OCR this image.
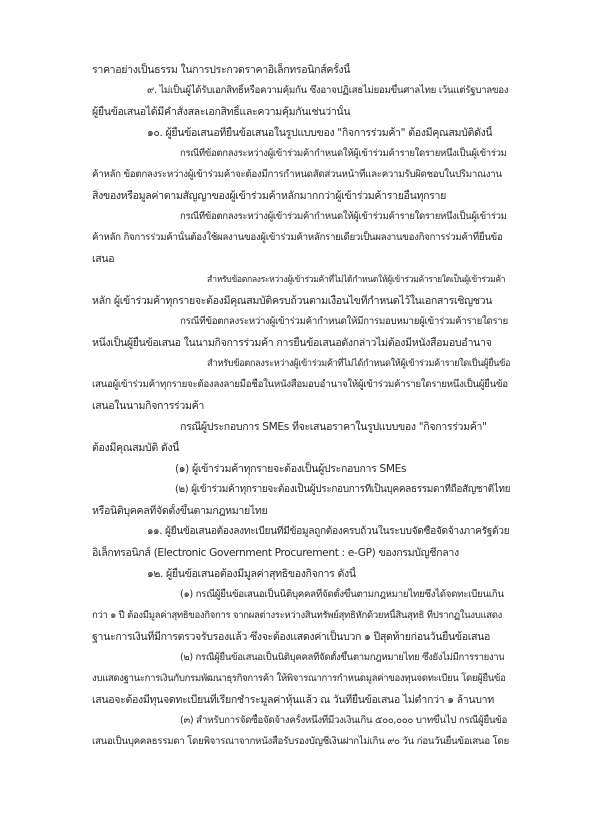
ราคาอย่างเป็นธรรม ในการประกวดราคาอิเล็กทรอนิกส์ครั้งนี้
๙. ไม่เป็นผู้ได้รับเอกสิทธิ์หรือความคุ้มกัน ซึ่งอาจปฏิเสธไม่ยอมขึ้นศาลไทย เว้นแต่รัฐบาลของ
ผู้ยื่นข้อเสนอได้มีคำสั่งสละเอกสิทธิ์และความคุ้มกันเช่นว่านั้น
๑๐. ผู้ยื่นข้อเสนอที่ยื่นข้อเสนอในรูปแบบของ "กิจการร่วมค้า" ต้องมีคุณสมบัติดังนี้
กรณีที่ข้อตกลงระหว่างผู้เข้าร่วมค้ากำหนดให้ผู้เข้าร่วมค้ารายใดรายหนึ่งเป็นผู้เข้าร่วม
ค้าหลัก ข้อตกลงระหว่างผู้เข้าร่วมค้าจะต้องมีการกำหนดสัดส่วนหน้าที่และความรับผิดชอบในปริมาณงาน
สิ่งของหรือมูลค่าตามสัญญาของผู้เข้าร่วมค้าหลักมากกว่าผู้เข้าร่วมค้ารายอื่นทุกราย
กรณีที่ข้อตกลงระหว่างผู้เข้าร่วมค้ากำหนดให้ผู้เข้าร่วมค้ารายใดรายหนึ่งเป็นผู้เข้าร่วม
ค้าหลัก กิจการร่วมค้านั้นต้องใช้ผลงานของผู้เข้าร่วมค้าหลักรายเดียวเป็นผลงานของกิจการร่วมค้าที่ยื่นข้อ
เสนอ
สำหรับข้อตกลงระหว่างผู้เข้าร่วมค้าที่ไม่ได้กำหนดให้ผู้เข้าร่วมค้ารายใดเป็นผู้เข้าร่วมค้า
หลัก ผู้เข้าร่วมค้าทุกรายจะต้องมีคุณสมบัติครบถ้วนตามเงื่อนไขที่กำหนดไว้ในเอกสารเชิญชวน
กรณีที่ข้อตกลงระหว่างผู้เข้าร่วมค้ากำหนดให้มีการมอบหมายผู้เข้าร่วมค้ารายใดราย
หนึ่งเป็นผู้ยื่นข้อเสนอ ในนามกิจการร่วมค้า การยื่นข้อเสนอดังกล่าวไม่ต้องมีหนังสือมอบอำนาจ
สำหรับข้อตกลงระหว่างผู้เข้าร่วมค้าที่ไม่ได้กำหนดให้ผู้เข้าร่วมค้ารายใดเป็นผู้ยื่นข้อ
เสนอผู้เข้าร่วมค้าทุกรายจะต้องลงลายมือชื่อในหนังสือมอบอำนาจให้ผู้เข้าร่วมค้ารายใดรายหนึ่งเป็นผู้ยื่นข้อ
เสนอในนามกิจการร่วมค้า
กรณีผู้ประกอบการ SMEs ที่จะเสนอราคาในรูปแบบของ "กิจการร่วมค้า"
ต้องมีคุณสมบัติ ดังนี้
(๑) ผู้เข้าร่วมค้าทุกรายจะต้องเป็นผู้ประกอบการ SMEs
(๒) ผู้เข้าร่วมค้าทุกรายจะต้องเป็นผู้ประกอบการที่เป็นบุคคลธรรมดาที่ถือสัญชาติไทย
หรือนิติบุคคลที่จัดตั้งขึ้นตามกฎหมายไทย
๑๑. ผู้ยื่นข้อเสนอต้องลงทะเบียนที่มีข้อมูลถูกต้องครบถ้วนในระบบจัดซื้อจัดจ้างภาครัฐด้วย
อิเล็กทรอนิกส์ (Electronic Government Procurement : e-GP) ของกรมบัญชีกลาง
๑๒. ผู้ยื่นข้อเสนอต้องมีมูลค่าสุทธิของกิจการ ดังนี้
(๑) กรณีผู้ยื่นข้อเสนอเป็นนิติบุคคลที่จัดตั้งขึ้นตามกฎหมายไทยซึ่งได้จดทะเบียนเกิน
กว่า ๑ ปี ต้องมีมูลค่าสุทธิของกิจการ จากผลต่างระหว่างสินทรัพย์สุทธิหักด้วยหนี้สินสุทธิ ที่ปรากฏในงบแสดง
ฐานะการเงินที่มีการตรวจรับรองแล้ว ซึ่งจะต้องแสดงค่าเป็นบวก ๑ ปีสุดท้ายก่อนวันยื่นข้อเสนอ
(๒) กรณีผู้ยื่นข้อเสนอเป็นนิติบุคคลที่จัดตั้งขึ้นตามกฎหมายไทย ซึ่งยังไม่มีการรายงาน
งบแสดงฐานะการเงินกับกรมพัฒนาธุรกิจการค้า ให้พิจารณาการกำหนดมูลค่าของทุนจดทะเบียน โดยผู้ยื่นข้อ
เสนอจะต้องมีทุนจดทะเบียนที่เรียกชำระมูลค่าหุ้นแล้ว ณ วันที่ยื่นข้อเสนอ ไม่ต่ำกว่า ๑ ล้านบาท
(๓) สำหรับการจัดซื้อจัดจ้างครั้งหนึ่งที่มีวงเงินเกิน ๕๐๐,๐๐๐ บาทขึ้นไป กรณีผู้ยื่นข้อ
เสนอเป็นบุคคลธรรมดา โดยพิจารณาจากหนังสือรับรองบัญชีเงินฝากไม่เกิน ๙๐ วัน ก่อนวันยื่นข้อเสนอ โดย
